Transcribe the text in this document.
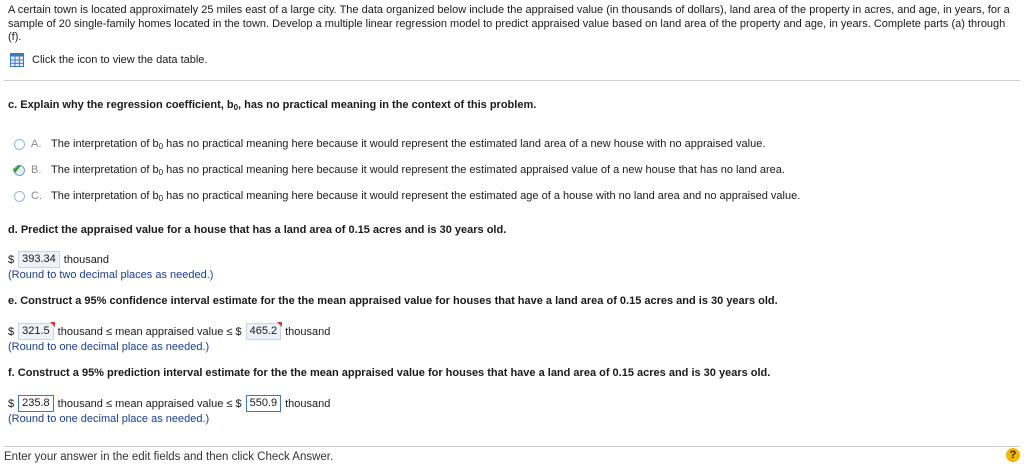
A certain town is located approximately 25 miles east of a large city. The data organized below include the appraised value (in thousands of dollars), land area of the property in acres, and age, in years, for a sample of 20 single-family homes located in the town. Develop a multiple linear regression model to predict appraised value based on land area of the property and age, in years. Complete parts (a) through (f).
Click the icon to view the data table.
c. Explain why the regression coefficient, $b_0$, has no practical meaning in the context of this problem.
A. The interpretation of $b_0$ has no practical meaning here because it would represent the estimated land area of a new house with no appraised value.
✔ B. The interpretation of $b_0$ has no practical meaning here because it would represent the estimated appraised value of a new house that has no land area.
C. The interpretation of $b_0$ has no practical meaning here because it would represent the estimated age of a house with no land area and no appraised value.
d. Predict the appraised value for a house that has a land area of 0.15 acres and is 30 years old.
$ 393.34 thousand
(Round to two decimal places as needed.)
e. Construct a 95% confidence interval estimate for the the mean appraised value for houses that have a land area of 0.15 acres and is 30 years old.
$ 321.5 thousand ≤ mean appraised value ≤ $ 465.2 thousand
(Round to one decimal place as needed.)
f. Construct a 95% prediction interval estimate for the the mean appraised value for houses that have a land area of 0.15 acres and is 30 years old.
$ 235.8 thousand ≤ mean appraised value ≤ $ 550.9 thousand
(Round to one decimal place as needed.)
Enter your answer in the edit fields and then click Check Answer.	?
